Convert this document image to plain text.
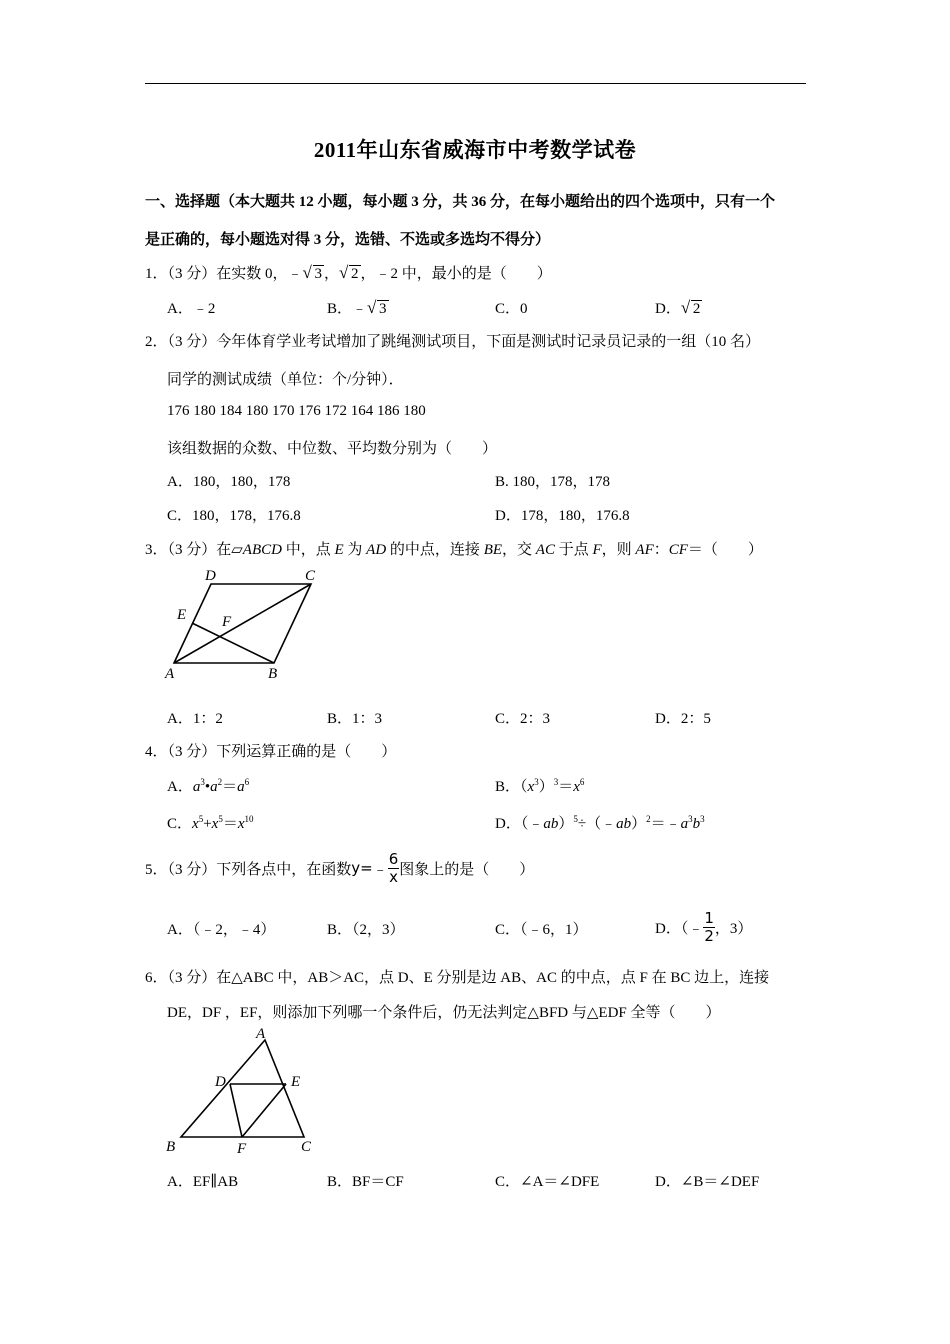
2011年山东省威海市中考数学试卷
一、选择题（本大题共 12 小题，每小题 3 分，共 36 分，在每小题给出的四个选项中，只有一个
是正确的，每小题选对得 3 分，选错、不选或多选均不得分）
1．（3 分）在实数 0，﹣ √ 3 ， √ 2 ，﹣2 中，最小的是（　　）
A．﹣2	B．﹣ √ 3	C．0	D． √ 2
2．（3 分）今年体育学业考试增加了跳绳测试项目，下面是测试时记录员记录的一组（10 名）
同学的测试成绩（单位：个/分钟）．
176 180 184 180 170 176 172 164 186 180
该组数据的众数、中位数、平均数分别为（　　）
A．180，180，178	B. 180，178，178
C．180，178，176.8	D．178，180，176.8
3．（3 分）在▱ABCD 中，点 E 为 AD 的中点，连接 BE，交 AC 于点 F，则 AF：CF＝（　　）
D	C
E F
A	B
A．1：2	B．1：3	C．2：3	D．2：5
4．（3 分）下列运算正确的是（　　）
A．$a^3•a^2=a^6$	B．$(x^3)^3=x^6$
C．$x^5+x^5=x^{10}$	D．$(﹣ab)^5\div(﹣ab)^2=﹣a^3b^3$
5．（3 分）下列各点中，在函数 y= ﹣ $\frac{6}{x}$ 图象上的是（　　）
A．（﹣2，﹣4）	B．（2，3）	C．（﹣6，1）	D．（﹣ $\frac{1}{2}$ ，3）
6．（3 分）在△ABC 中，AB＞AC，点 D、E 分别是边 AB、AC 的中点，点 F 在 BC 边上，连接
DE，DF ，EF，则添加下列哪一个条件后，仍无法判定△BFD 与△EDF 全等（　　）
A
D	E
B	F	C
A．EF∥AB	B．BF＝CF	C．∠A＝∠DFE	D．∠B＝∠DEF
